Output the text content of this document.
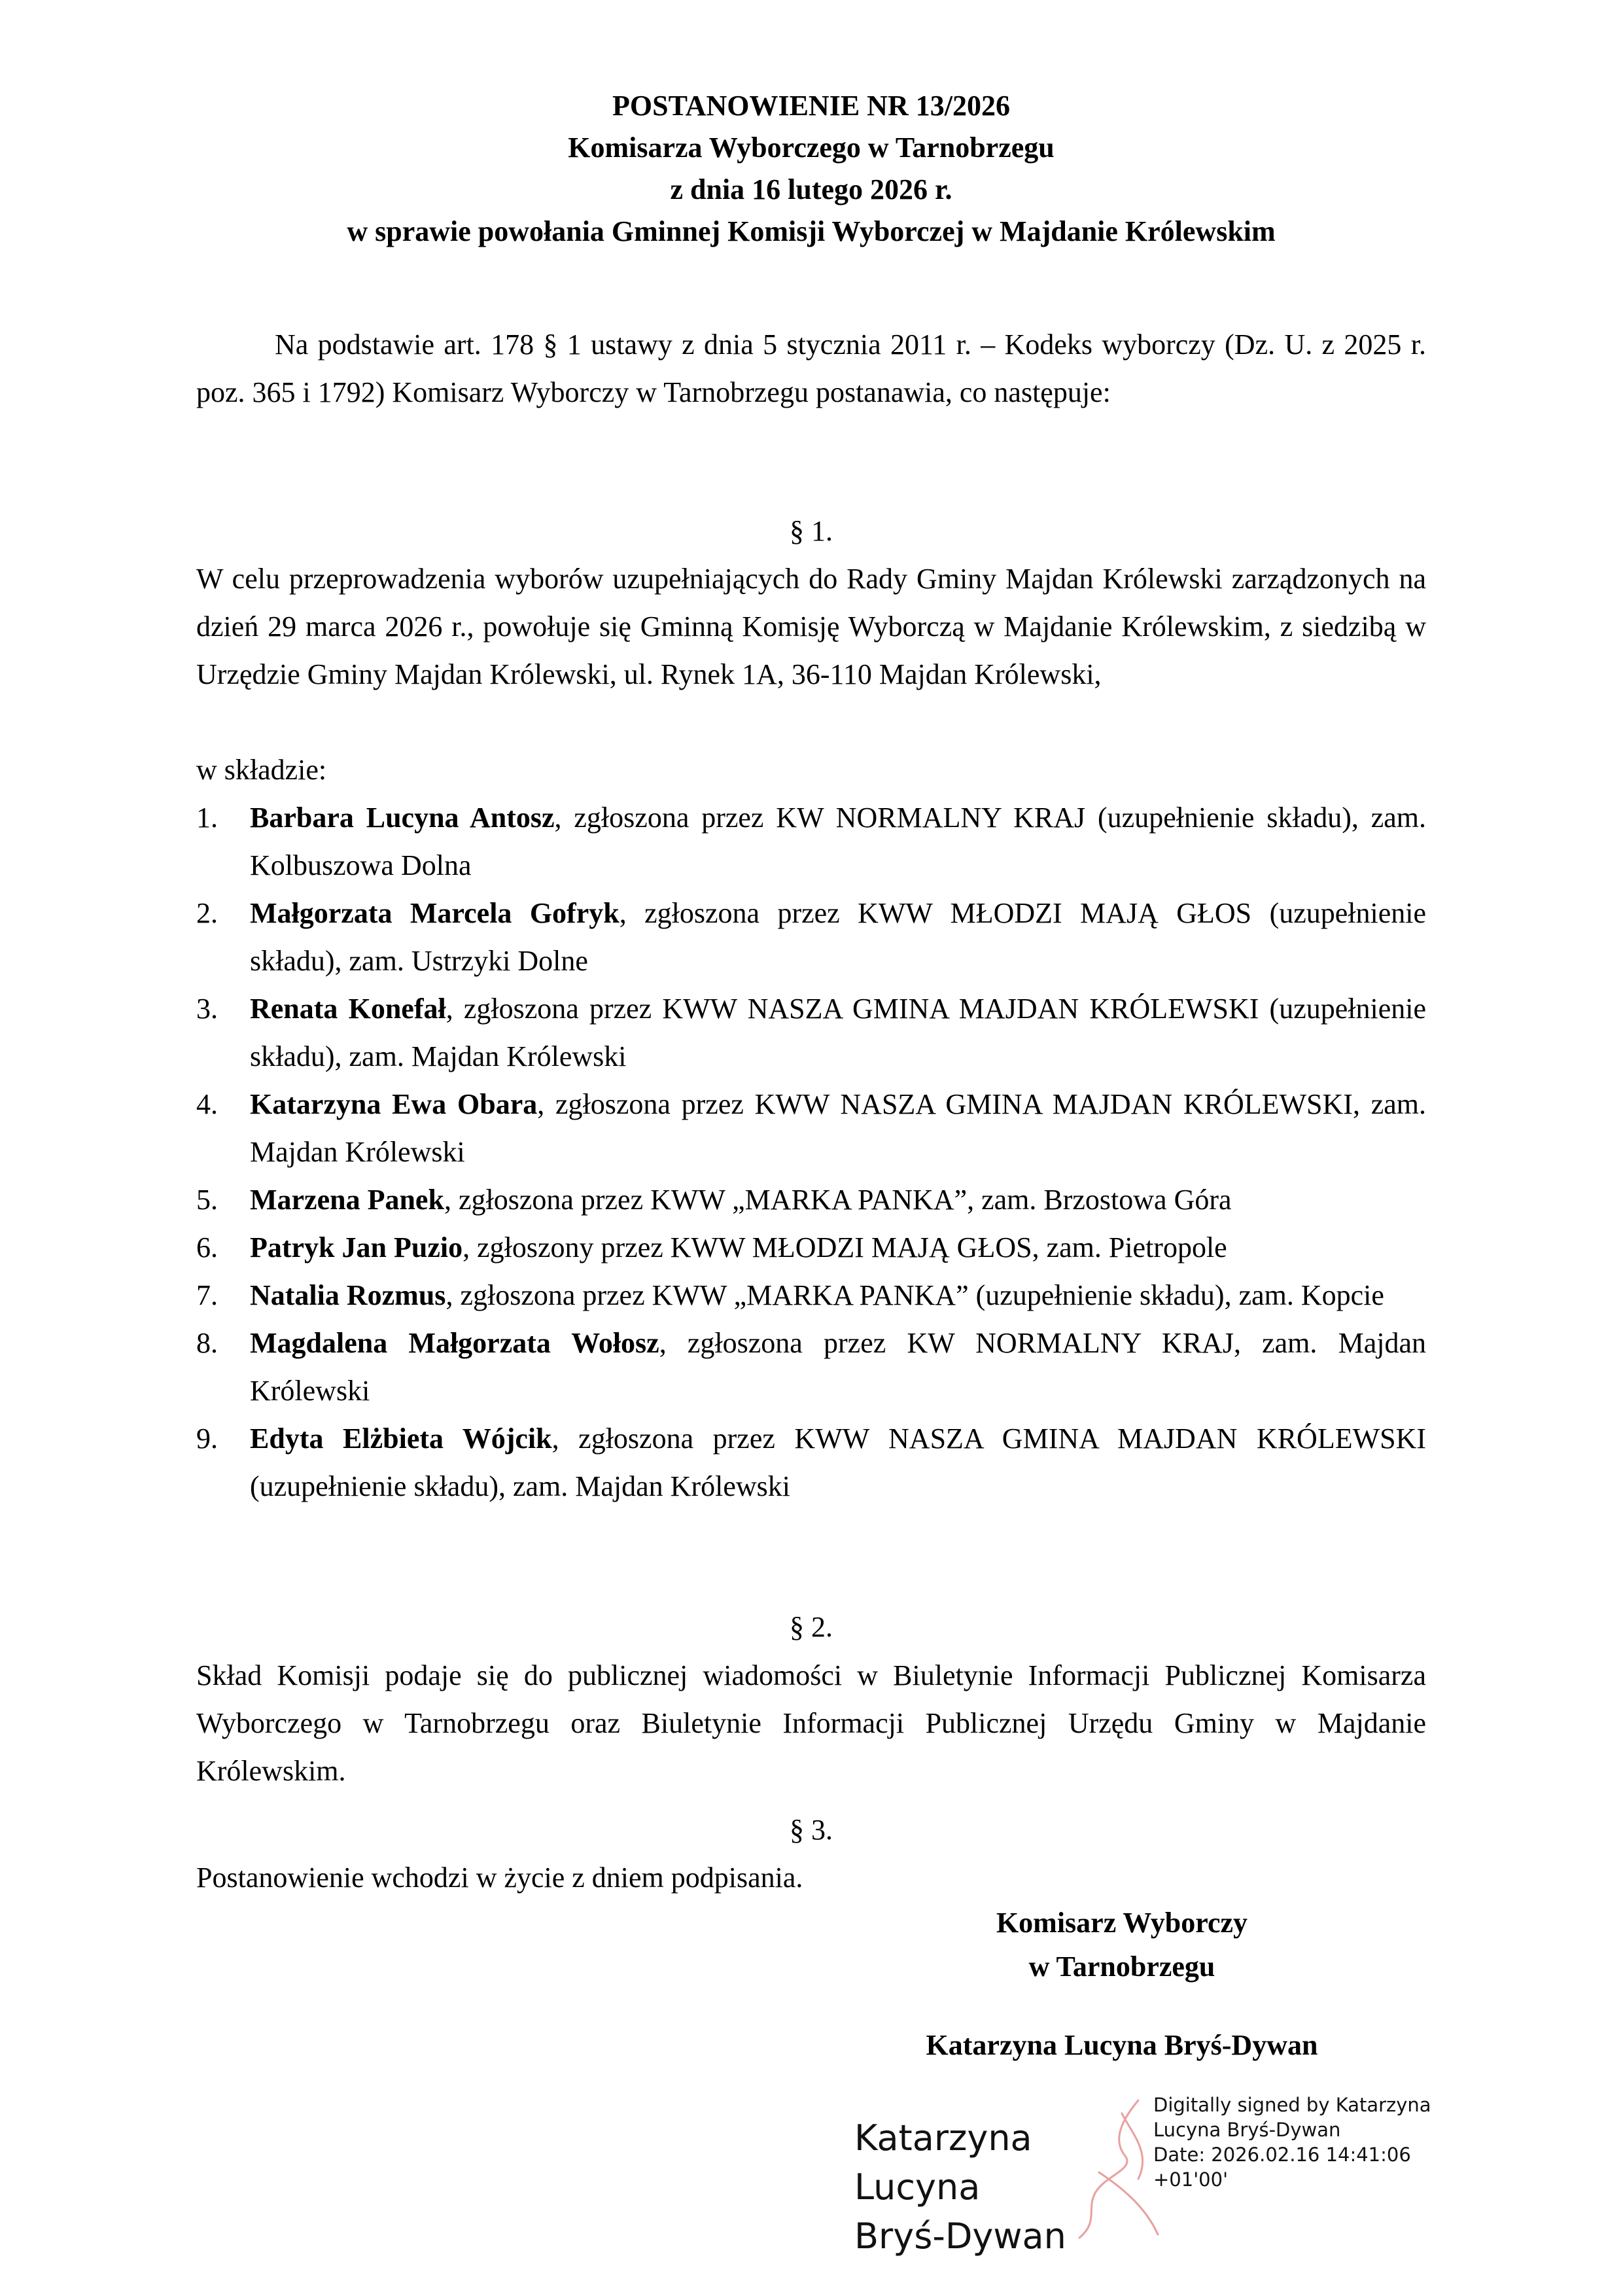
POSTANOWIENIE NR 13/2026
Komisarza Wyborczego w Tarnobrzegu
z dnia 16 lutego 2026 r.
w sprawie powołania Gminnej Komisji Wyborczej w Majdanie Królewskim
Na podstawie art. 178 § 1 ustawy z dnia 5 stycznia 2011 r. – Kodeks wyborczy (Dz. U. z 2025 r. poz. 365 i 1792) Komisarz Wyborczy w Tarnobrzegu postanawia, co następuje:
§ 1.
W celu przeprowadzenia wyborów uzupełniających do Rady Gminy Majdan Królewski zarządzonych na dzień 29 marca 2026 r., powołuje się Gminną Komisję Wyborczą w Majdanie Królewskim, z siedzibą w Urzędzie Gminy Majdan Królewski, ul. Rynek 1A, 36-110 Majdan Królewski,
w składzie:
1. Barbara Lucyna Antosz, zgłoszona przez KW NORMALNY KRAJ (uzupełnienie składu), zam. Kolbuszowa Dolna
2. Małgorzata Marcela Gofryk, zgłoszona przez KWW MŁODZI MAJĄ GŁOS (uzupełnienie składu), zam. Ustrzyki Dolne
3. Renata Konefał, zgłoszona przez KWW NASZA GMINA MAJDAN KRÓLEWSKI (uzupełnienie składu), zam. Majdan Królewski
4. Katarzyna Ewa Obara, zgłoszona przez KWW NASZA GMINA MAJDAN KRÓLEWSKI, zam. Majdan Królewski
5. Marzena Panek, zgłoszona przez KWW „MARKA PANKA”, zam. Brzostowa Góra
6. Patryk Jan Puzio, zgłoszony przez KWW MŁODZI MAJĄ GŁOS, zam. Pietropole
7. Natalia Rozmus, zgłoszona przez KWW „MARKA PANKA” (uzupełnienie składu), zam. Kopcie
8. Magdalena Małgorzata Wołosz, zgłoszona przez KW NORMALNY KRAJ, zam. Majdan Królewski
9. Edyta Elżbieta Wójcik, zgłoszona przez KWW NASZA GMINA MAJDAN KRÓLEWSKI (uzupełnienie składu), zam. Majdan Królewski
§ 2.
Skład Komisji podaje się do publicznej wiadomości w Biuletynie Informacji Publicznej Komisarza Wyborczego w Tarnobrzegu oraz Biuletynie Informacji Publicznej Urzędu Gminy w Majdanie Królewskim.
§ 3.
Postanowienie wchodzi w życie z dniem podpisania.
Komisarz Wyborczy
w Tarnobrzegu
Katarzyna Lucyna Bryś-Dywan
Katarzyna Lucyna
Bryś-Dywan
Digitally signed by Katarzyna
Lucyna Bryś-Dywan
Date: 2026.02.16 14:41:06
+01'00'
